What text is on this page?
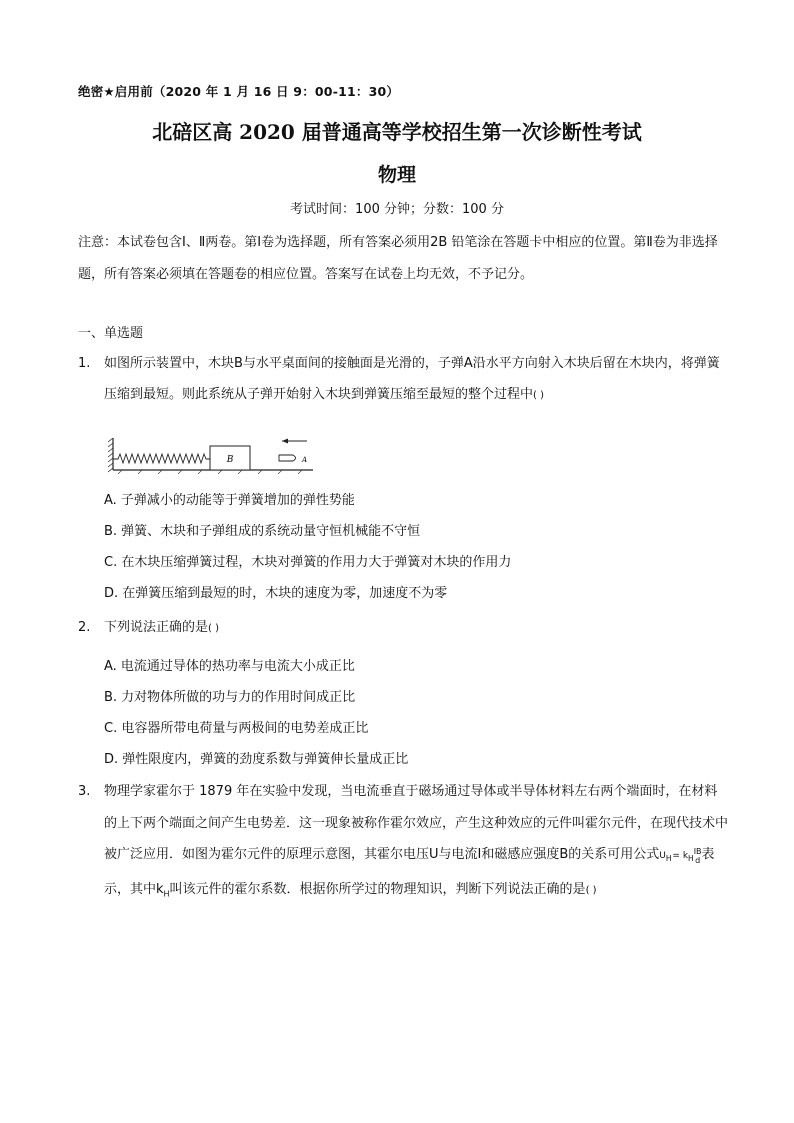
绝密★启用前（2020 年 1 月 16 日 9：00-11：30）
北碚区高 2020 届普通高等学校招生第一次诊断性考试
物理
考试时间：100 分钟；分数：100 分
注意：本试卷包含Ⅰ、Ⅱ两卷。第Ⅰ卷为选择题，所有答案必须用2B 铅笔涂在答题卡中相应的位置。第Ⅱ卷为非选择题，所有答案必须填在答题卷的相应位置。答案写在试卷上均无效，不予记分。
一、单选题
1. 如图所示装置中，木块B与水平桌面间的接触面是光滑的，子弹A沿水平方向射入木块后留在木块内，将弹簧压缩到最短。则此系统从子弹开始射入木块到弹簧压缩至最短的整个过程中( )
B	A
A. 子弹减小的动能等于弹簧增加的弹性势能
B. 弹簧、木块和子弹组成的系统动量守恒机械能不守恒
C. 在木块压缩弹簧过程，木块对弹簧的作用力大于弹簧对木块的作用力
D. 在弹簧压缩到最短的时，木块的速度为零，加速度不为零
2. 下列说法正确的是( )
A. 电流通过导体的热功率与电流大小成正比
B. 力对物体所做的功与力的作用时间成正比
C. 电容器所带电荷量与两极间的电势差成正比
D. 弹性限度内，弹簧的劲度系数与弹簧伸长量成正比
3. 物理学家霍尔于 1879 年在实验中发现，当电流垂直于磁场通过导体或半导体材料左右两个端面时，在材料的上下两个端面之间产生电势差．这一现象被称作霍尔效应，产生这种效应的元件叫霍尔元件，在现代技术中被广泛应用．如图为霍尔元件的原理示意图，其霍尔电压U与电流I和磁感应强度B的关系可用公式$U_H$ = $k_H$
IB
d 表示，其中$k_H$叫该元件的霍尔系数．根据你所学过的物理知识，判断下列说法正确的是( )
